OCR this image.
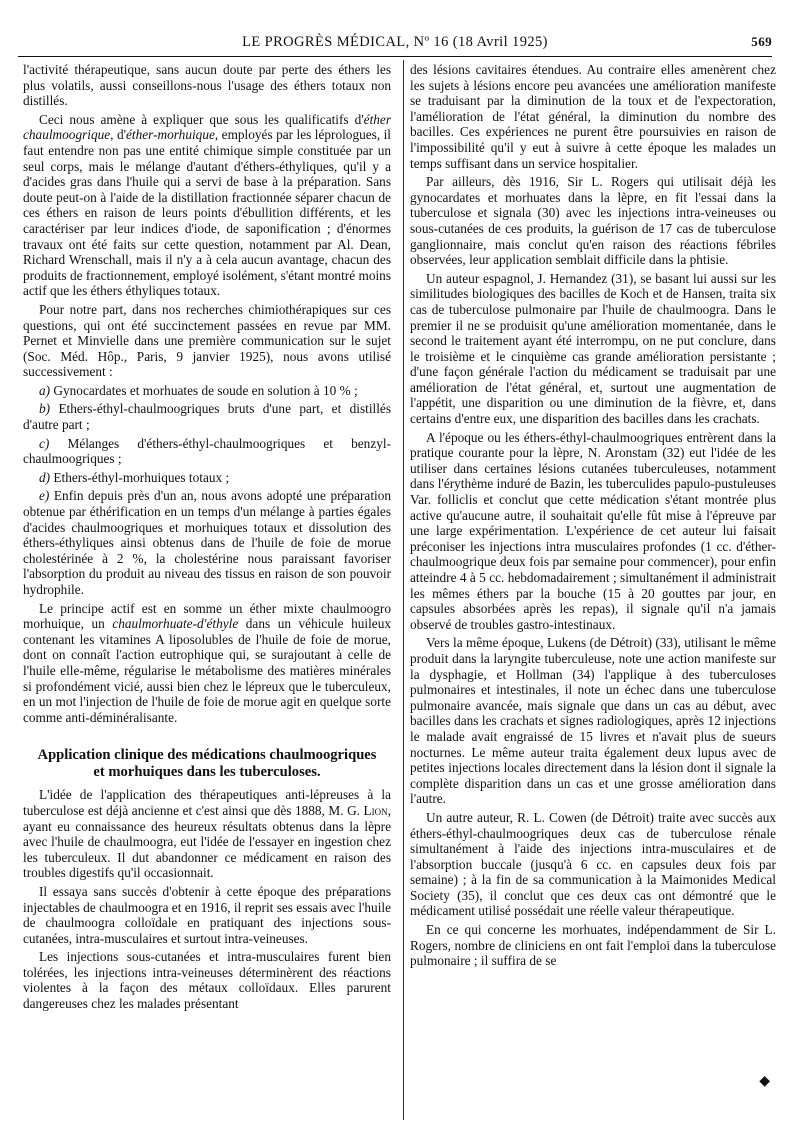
LE PROGRÈS MÉDICAL, Nº 16 (18 Avril 1925)	569

l'activité thérapeutique, sans aucun doute par perte des éthers les plus volatils, aussi conseillons-nous l'usage des éthers totaux non distillés.

Ceci nous amène à expliquer que sous les qualificatifs d'éther chaulmoogrique, d'éther-morhuique, employés par les léprologues, il faut entendre non pas une entité chimique simple constituée par un seul corps, mais le mélange d'autant d'éthers-éthyliques, qu'il y a d'acides gras dans l'huile qui a servi de base à la préparation. Sans doute peut-on à l'aide de la distillation fractionnée séparer chacun de ces éthers en raison de leurs points d'ébullition différents, et les caractériser par leur indices d'iode, de saponification ; d'énormes travaux ont été faits sur cette question, notamment par Al. Dean, Richard Wrenschall, mais il n'y a à cela aucun avantage, chacun des produits de fractionnement, employé isolément, s'étant montré moins actif que les éthers éthyliques totaux.

Pour notre part, dans nos recherches chimiothérapiques sur ces questions, qui ont été succinctement passées en revue par MM. Pernet et Minvielle dans une première communication sur le sujet (Soc. Méd. Hôp., Paris, 9 janvier 1925), nous avons utilisé successivement :

a) Gynocardates et morhuates de soude en solution à 10 % ;

b) Ethers-éthyl-chaulmoogriques bruts d'une part, et distillés d'autre part ;

c) Mélanges d'éthers-éthyl-chaulmoogriques et benzyl-chaulmoogriques ;

d) Ethers-éthyl-morhuiques totaux ;

e) Enfin depuis près d'un an, nous avons adopté une préparation obtenue par éthérification en un temps d'un mélange à parties égales d'acides chaulmoogriques et morhuiques totaux et dissolution des éthers-éthyliques ainsi obtenus dans de l'huile de foie de morue cholestérinée à 2 %, la cholestérine nous paraissant favoriser l'absorption du produit au niveau des tissus en raison de son pouvoir hydrophile.

Le principe actif est en somme un éther mixte chaulmoogro morhuique, un chaulmorhuate-d'éthyle dans un véhicule huileux contenant les vitamines A liposolubles de l'huile de foie de morue, dont on connaît l'action eutrophique qui, se surajoutant à celle de l'huile elle-même, régularise le métabolisme des matières minérales si profondément vicié, aussi bien chez le lépreux que le tuberculeux, en un mot l'injection de l'huile de foie de morue agit en quelque sorte comme anti-déminéralisante.

Application clinique des médications chaulmoogriques et morhuiques dans les tuberculoses.

L'idée de l'application des thérapeutiques anti-lépreuses à la tuberculose est déjà ancienne et c'est ainsi que dès 1888, M. G. Lion, ayant eu connaissance des heureux résultats obtenus dans la lèpre avec l'huile de chaulmoogra, eut l'idée de l'essayer en ingestion chez les tuberculeux. Il dut abandonner ce médicament en raison des troubles digestifs qu'il occasionnait.

Il essaya sans succès d'obtenir à cette époque des préparations injectables de chaulmoogra et en 1916, il reprit ses essais avec l'huile de chaulmoogra colloïdale en pratiquant des injections sous-cutanées, intra-musculaires et surtout intra-veineuses.

Les injections sous-cutanées et intra-musculaires furent bien tolérées, les injections intra-veineuses déterminèrent des réactions violentes à la façon des métaux colloïdaux. Elles parurent dangereuses chez les malades présentant

des lésions cavitaires étendues. Au contraire elles amenèrent chez les sujets à lésions encore peu avancées une amélioration manifeste se traduisant par la diminution de la toux et de l'expectoration, l'amélioration de l'état général, la diminution du nombre des bacilles. Ces expériences ne purent être poursuivies en raison de l'impossibilité qu'il y eut à suivre à cette époque les malades un temps suffisant dans un service hospitalier.

Par ailleurs, dès 1916, Sir L. Rogers qui utilisait déjà les gynocardates et morhuates dans la lèpre, en fit l'essai dans la tuberculose et signala (30) avec les injections intra-veineuses ou sous-cutanées de ces produits, la guérison de 17 cas de tuberculose ganglionnaire, mais conclut qu'en raison des réactions fébriles observées, leur application semblait difficile dans la phtisie.

Un auteur espagnol, J. Hernandez (31), se basant lui aussi sur les similitudes biologiques des bacilles de Koch et de Hansen, traita six cas de tuberculose pulmonaire par l'huile de chaulmoogra. Dans le premier il ne se produisit qu'une amélioration momentanée, dans le second le traitement ayant été interrompu, on ne put conclure, dans le troisième et le cinquième cas grande amélioration persistante ; d'une façon générale l'action du médicament se traduisait par une amélioration de l'état général, et, surtout une augmentation de l'appétit, une disparition ou une diminution de la fièvre, et, dans certains d'entre eux, une disparition des bacilles dans les crachats.

A l'époque ou les éthers-éthyl-chaulmoogriques entrèrent dans la pratique courante pour la lèpre, N. Aronstam (32) eut l'idée de les utiliser dans certaines lésions cutanées tuberculeuses, notamment dans l'érythème induré de Bazin, les tuberculides papulo-pustuleuses Var. folliclis et conclut que cette médication s'étant montrée plus active qu'aucune autre, il souhaitait qu'elle fût mise à l'épreuve par une large expérimentation. L'expérience de cet auteur lui faisait préconiser les injections intra musculaires profondes (1 cc. d'éther-chaulmoogrique deux fois par semaine pour commencer), pour enfin atteindre 4 à 5 cc. hebdomadairement ; simultanément il administrait les mêmes éthers par la bouche (15 à 20 gouttes par jour, en capsules absorbées après les repas), il signale qu'il n'a jamais observé de troubles gastro-intestinaux.

Vers la même époque, Lukens (de Détroit) (33), utilisant le même produit dans la laryngite tuberculeuse, note une action manifeste sur la dysphagie, et Hollman (34) l'applique à des tuberculoses pulmonaires et intestinales, il note un échec dans une tuberculose pulmonaire avancée, mais signale que dans un cas au début, avec bacilles dans les crachats et signes radiologiques, après 12 injections le malade avait engraissé de 15 livres et n'avait plus de sueurs nocturnes. Le même auteur traita également deux lupus avec de petites injections locales directement dans la lésion dont il signale la complète disparition dans un cas et une grosse amélioration dans l'autre.

Un autre auteur, R. L. Cowen (de Détroit) traite avec succès aux éthers-éthyl-chaulmoogriques deux cas de tuberculose rénale simultanément à l'aide des injections intra-musculaires et de l'absorption buccale (jusqu'à 6 cc. en capsules deux fois par semaine) ; à la fin de sa communication à la Maimonides Medical Society (35), il conclut que ces deux cas ont démontré que le médicament utilisé possédait une réelle valeur thérapeutique.

En ce qui concerne les morhuates, indépendamment de Sir L. Rogers, nombre de cliniciens en ont fait l'emploi dans la tuberculose pulmonaire ; il suffira de se

◆
